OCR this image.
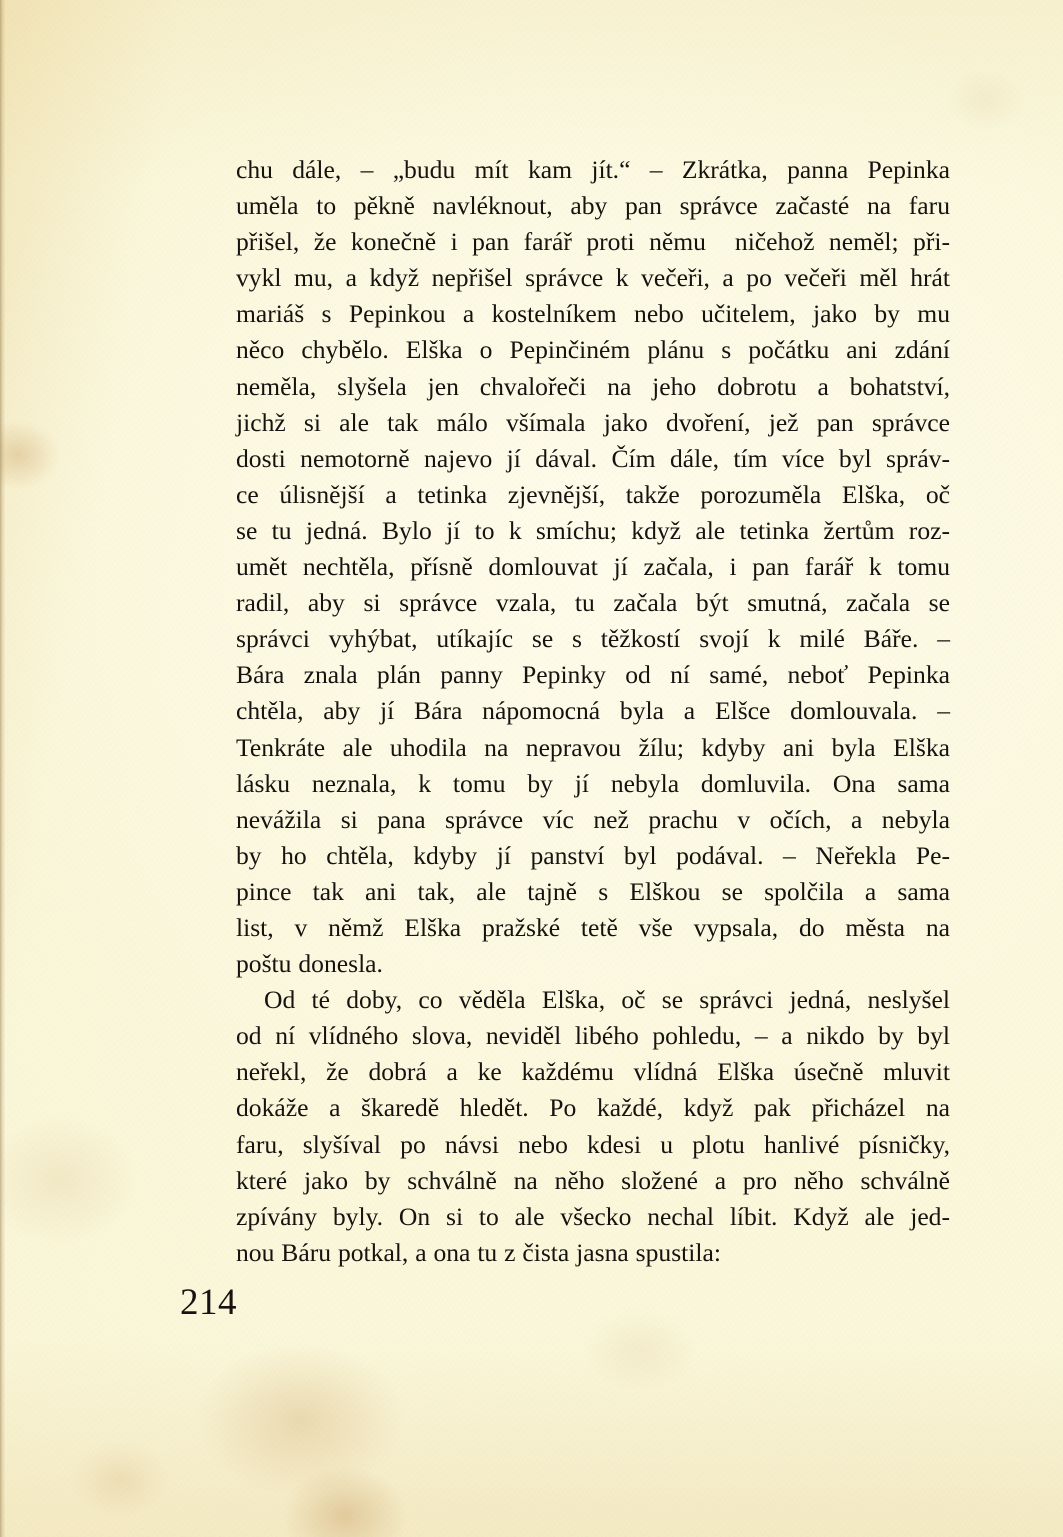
chu dále, – „budu mít kam jít.“ – Zkrátka, panna Pepinka
uměla to pěkně navléknout, aby pan správce začasté na faru
přišel, že konečně i pan farář proti němu  ničehož neměl; při-
vykl mu, a když nepřišel správce k večeři, a po večeři měl hrát
mariáš s Pepinkou a kostelníkem nebo učitelem, jako by mu
něco chybělo. Elška o Pepinčiném plánu s počátku ani zdání
neměla, slyšela jen chvalořeči na jeho dobrotu a bohatství,
jichž si ale tak málo všímala jako dvoření, jež pan správce
dosti nemotorně najevo jí dával. Čím dále, tím více byl správ-
ce úlisnější a tetinka zjevnější, takže porozuměla Elška, oč
se tu jedná. Bylo jí to k smíchu; když ale tetinka žertům roz-
umět nechtěla, přísně domlouvat jí začala, i pan farář k tomu
radil, aby si správce vzala, tu začala být smutná, začala se
správci vyhýbat, utíkajíc se s těžkostí svojí k milé Báře. –
Bára znala plán panny Pepinky od ní samé, neboť Pepinka
chtěla, aby jí Bára nápomocná byla a Elšce domlouvala. –
Tenkráte ale uhodila na nepravou žílu; kdyby ani byla Elška
lásku neznala, k tomu by jí nebyla domluvila. Ona sama
nevážila si pana správce víc než prachu v očích, a nebyla
by ho chtěla, kdyby jí panství byl podával. – Neřekla Pe-
pince tak ani tak, ale tajně s Elškou se spolčila a sama
list, v němž Elška pražské tetě vše vypsala, do města na
poštu donesla.

Od té doby, co věděla Elška, oč se správci jedná, neslyšel
od ní vlídného slova, neviděl libého pohledu, – a nikdo by byl
neřekl, že dobrá a ke každému vlídná Elška úsečně mluvit
dokáže a škaredě hledět. Po každé, když pak přicházel na
faru, slyšíval po návsi nebo kdesi u plotu hanlivé písničky,
které jako by schválně na něho složené a pro něho schválně
zpívány byly. On si to ale všecko nechal líbit. Když ale jed-
nou Báru potkal, a ona tu z čista jasna spustila:

214
